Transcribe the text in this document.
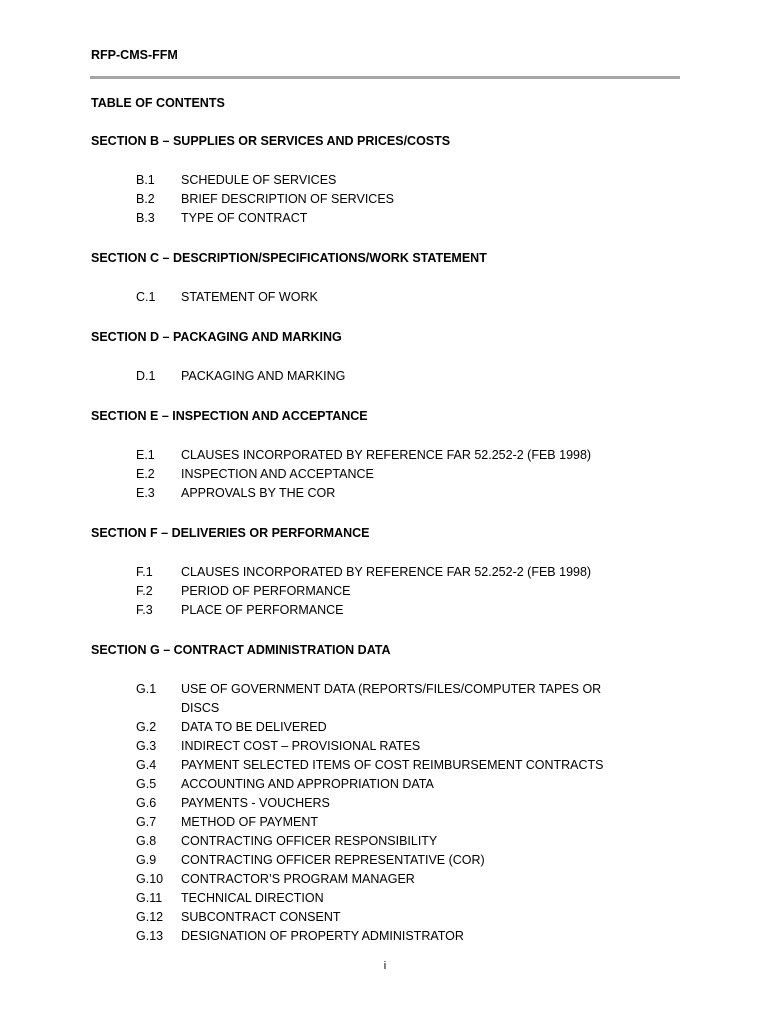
RFP-CMS-FFM
TABLE OF CONTENTS
SECTION B – SUPPLIES OR SERVICES AND PRICES/COSTS
B.1	SCHEDULE OF SERVICES
B.2	BRIEF DESCRIPTION OF SERVICES
B.3	TYPE OF CONTRACT
SECTION C – DESCRIPTION/SPECIFICATIONS/WORK STATEMENT
C.1	STATEMENT OF WORK
SECTION D – PACKAGING AND MARKING
D.1	PACKAGING AND MARKING
SECTION E – INSPECTION AND ACCEPTANCE
E.1	CLAUSES INCORPORATED BY REFERENCE FAR 52.252-2 (FEB 1998)
E.2	INSPECTION AND ACCEPTANCE
E.3	APPROVALS BY THE COR
SECTION F – DELIVERIES OR PERFORMANCE
F.1	CLAUSES INCORPORATED BY REFERENCE FAR 52.252-2 (FEB 1998)
F.2	PERIOD OF PERFORMANCE
F.3	PLACE OF PERFORMANCE
SECTION G – CONTRACT ADMINISTRATION DATA
G.1	USE OF GOVERNMENT DATA (REPORTS/FILES/COMPUTER TAPES OR DISCS
G.2	DATA TO BE DELIVERED
G.3	INDIRECT COST – PROVISIONAL RATES
G.4	PAYMENT SELECTED ITEMS OF COST REIMBURSEMENT CONTRACTS
G.5	ACCOUNTING AND APPROPRIATION DATA
G.6	PAYMENTS - VOUCHERS
G.7	METHOD OF PAYMENT
G.8	CONTRACTING OFFICER RESPONSIBILITY
G.9	CONTRACTING OFFICER REPRESENTATIVE (COR)
G.10	CONTRACTOR’S PROGRAM MANAGER
G.11	TECHNICAL DIRECTION
G.12	SUBCONTRACT CONSENT
G.13	DESIGNATION OF PROPERTY ADMINISTRATOR
i
